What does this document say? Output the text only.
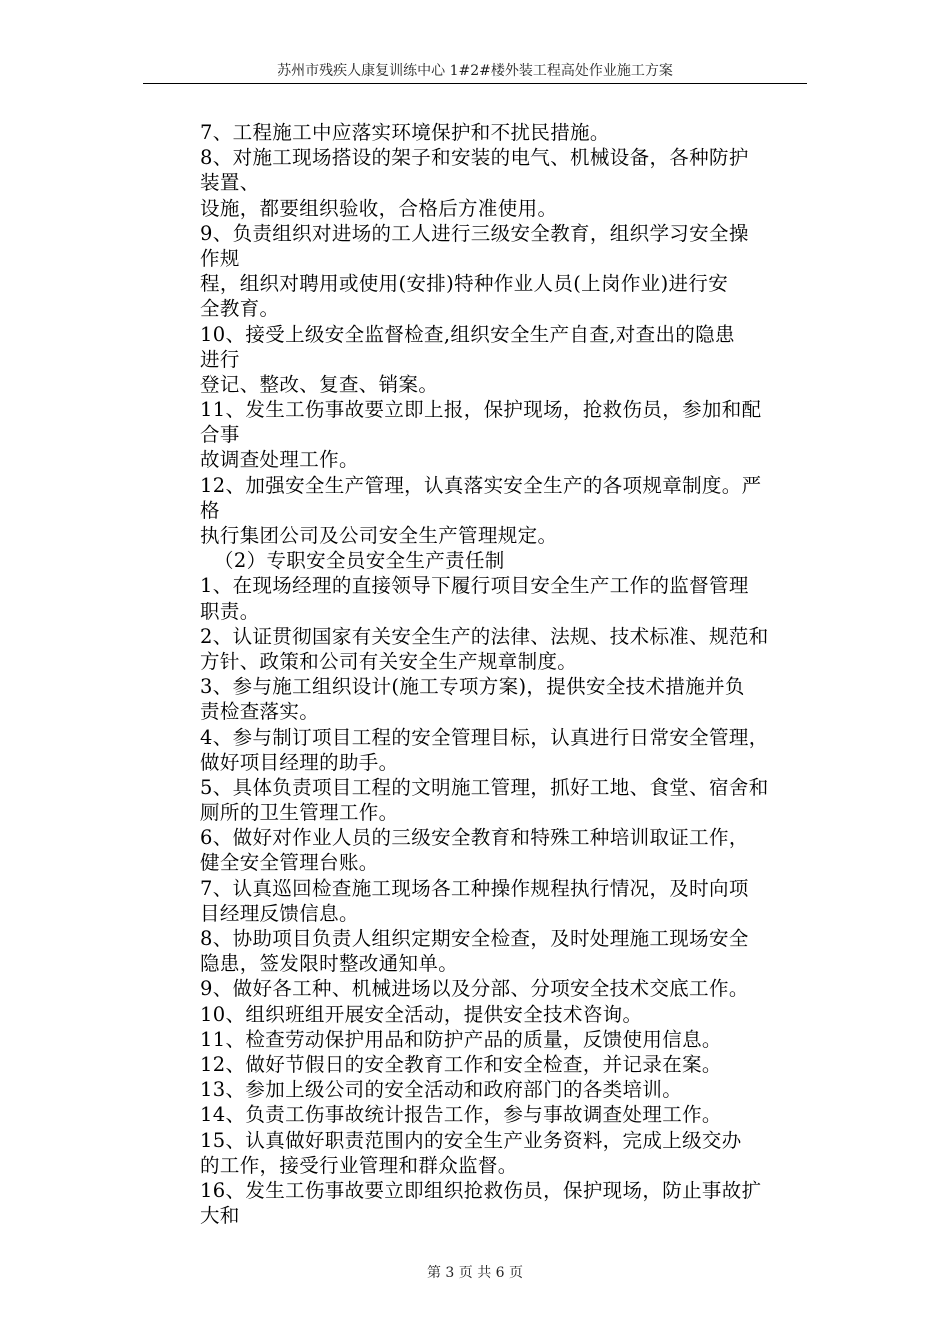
苏州市残疾人康复训练中心 1#2#楼外装工程高处作业施工方案
7、工程施工中应落实环境保护和不扰民措施。
8、对施工现场搭设的架子和安装的电气、机械设备，各种防护
装置、
设施，都要组织验收，合格后方准使用。
9、负责组织对进场的工人进行三级安全教育，组织学习安全操
作规
程，组织对聘用或使用(安排)特种作业人员(上岗作业)进行安
全教育。
10、接受上级安全监督检查,组织安全生产自查,对查出的隐患
进行
登记、整改、复查、销案。
11、发生工伤事故要立即上报，保护现场，抢救伤员，参加和配
合事
故调查处理工作。
12、加强安全生产管理，认真落实安全生产的各项规章制度。严
格
执行集团公司及公司安全生产管理规定。
（2）专职安全员安全生产责任制
1、在现场经理的直接领导下履行项目安全生产工作的监督管理
职责。
2、认证贯彻国家有关安全生产的法律、法规、技术标准、规范和
方针、政策和公司有关安全生产规章制度。
3、参与施工组织设计(施工专项方案)，提供安全技术措施并负
责检查落实。
4、参与制订项目工程的安全管理目标，认真进行日常安全管理，
做好项目经理的助手。
5、具体负责项目工程的文明施工管理，抓好工地、食堂、宿舍和
厕所的卫生管理工作。
6、做好对作业人员的三级安全教育和特殊工种培训取证工作，
健全安全管理台账。
7、认真巡回检查施工现场各工种操作规程执行情况，及时向项
目经理反馈信息。
8、协助项目负责人组织定期安全检查，及时处理施工现场安全
隐患，签发限时整改通知单。
9、做好各工种、机械进场以及分部、分项安全技术交底工作。
10、组织班组开展安全活动，提供安全技术咨询。
11、检查劳动保护用品和防护产品的质量，反馈使用信息。
12、做好节假日的安全教育工作和安全检查，并记录在案。
13、参加上级公司的安全活动和政府部门的各类培训。
14、负责工伤事故统计报告工作，参与事故调查处理工作。
15、认真做好职责范围内的安全生产业务资料，完成上级交办
的工作，接受行业管理和群众监督。
16、发生工伤事故要立即组织抢救伤员，保护现场，防止事故扩
大和
第 3 页 共 6 页
